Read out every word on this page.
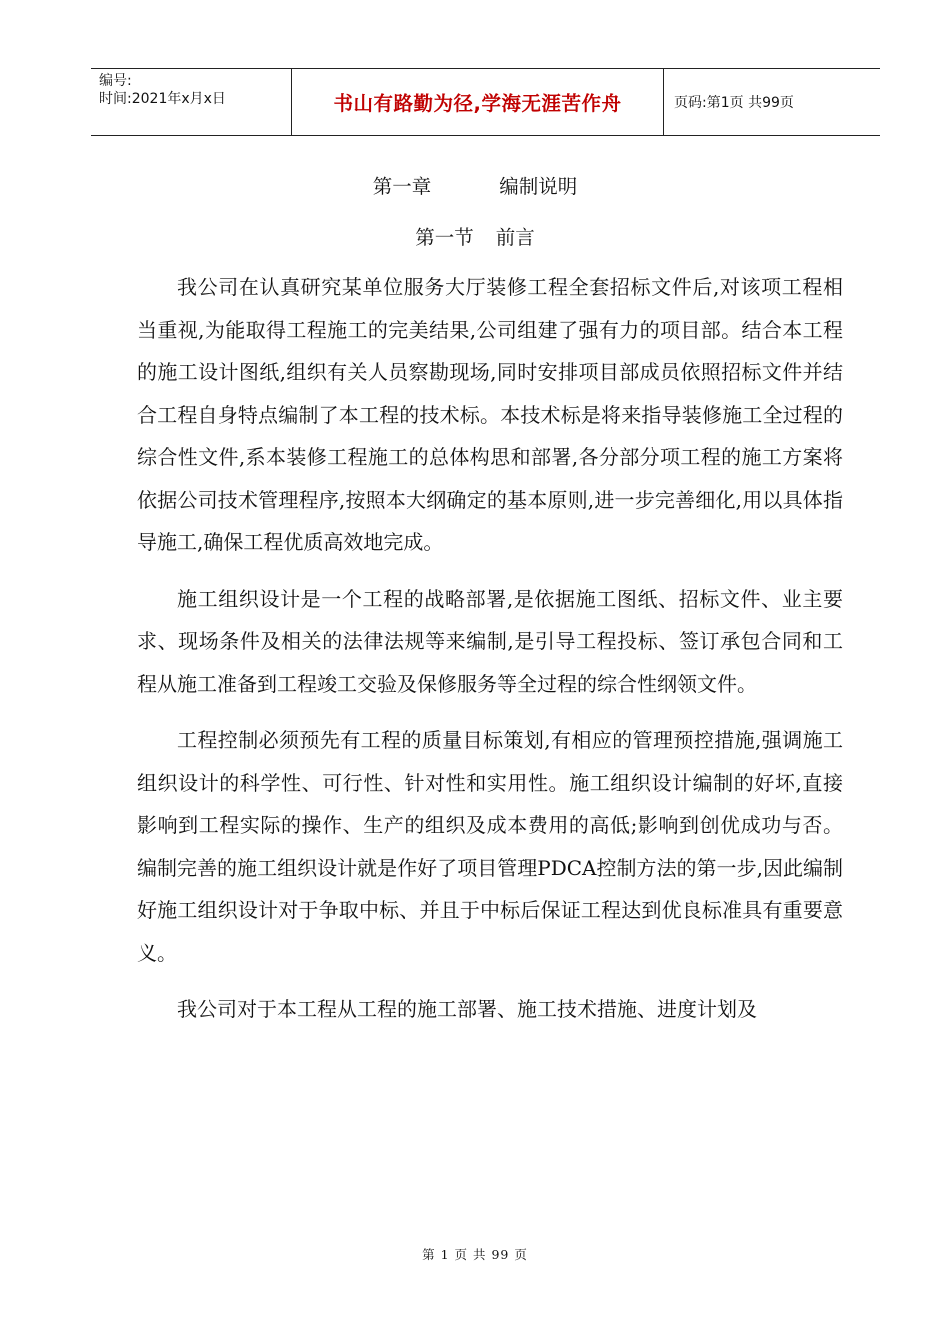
编号:
时间:2021年x月x日	书山有路勤为径,学海无涯苦作舟	页码:第1页 共99页
第一章	编制说明
第一节 前言

我公司在认真研究某单位服务大厅装修工程全套招标文件后,对该项工程相当重视,为能取得工程施工的完美结果,公司组建了强有力的项目部。结合本工程的施工设计图纸,组织有关人员察勘现场,同时安排项目部成员依照招标文件并结合工程自身特点编制了本工程的技术标。本技术标是将来指导装修施工全过程的综合性文件,系本装修工程施工的总体构思和部署,各分部分项工程的施工方案将依据公司技术管理程序,按照本大纲确定的基本原则,进一步完善细化,用以具体指导施工,确保工程优质高效地完成。

施工组织设计是一个工程的战略部署,是依据施工图纸、招标文件、业主要求、现场条件及相关的法律法规等来编制,是引导工程投标、签订承包合同和工程从施工准备到工程竣工交验及保修服务等全过程的综合性纲领文件。

工程控制必须预先有工程的质量目标策划,有相应的管理预控措施,强调施工组织设计的科学性、可行性、针对性和实用性。施工组织设计编制的好坏,直接影响到工程实际的操作、生产的组织及成本费用的高低;影响到创优成功与否。编制完善的施工组织设计就是作好了项目管理PDCA控制方法的第一步,因此编制好施工组织设计对于争取中标、并且于中标后保证工程达到优良标准具有重要意义。

我公司对于本工程从工程的施工部署、施工技术措施、进度计划及

第 1 页 共 99 页
